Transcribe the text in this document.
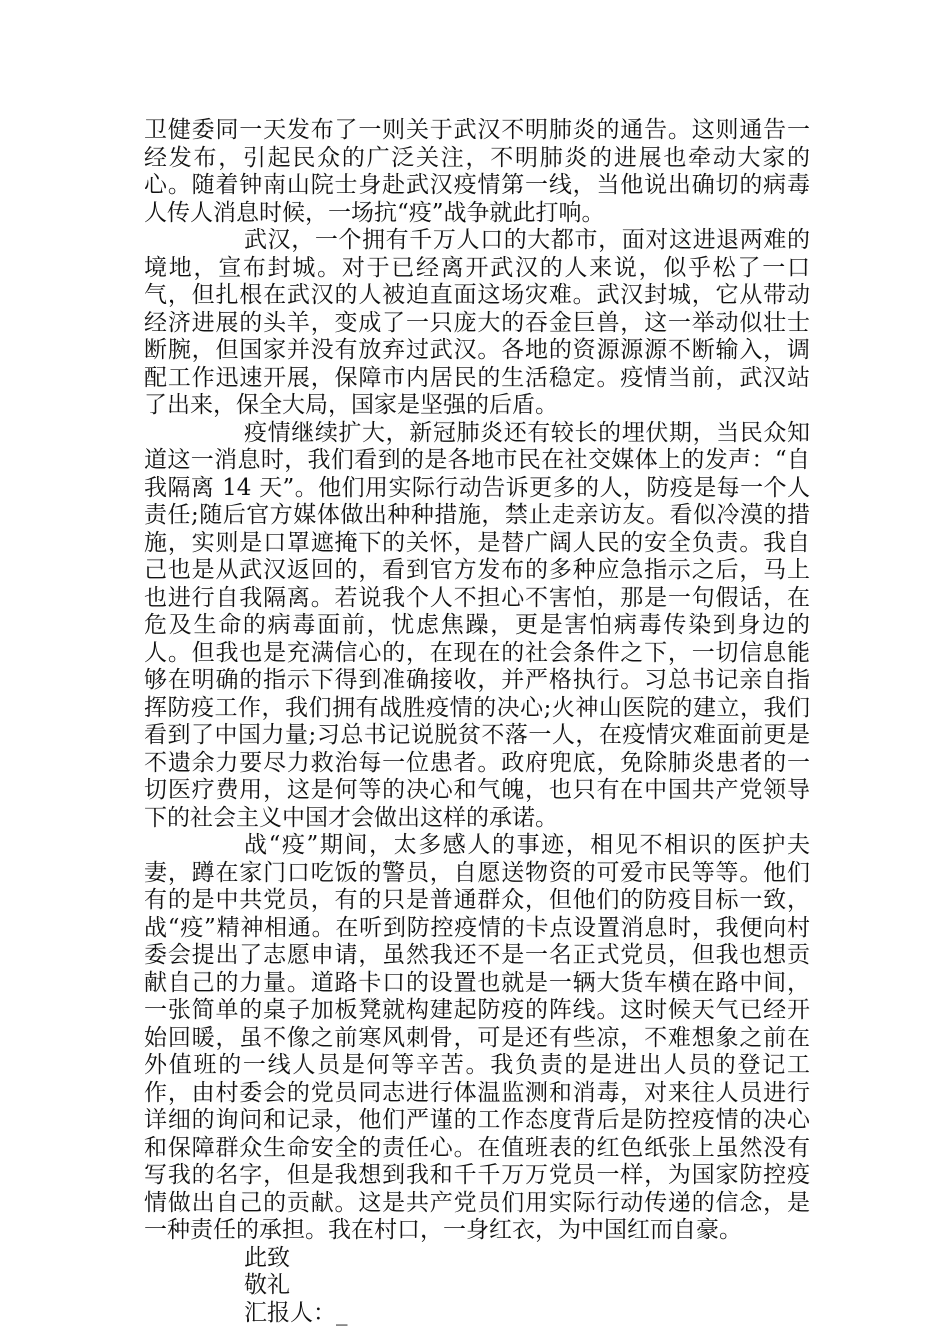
卫健委同一天发布了一则关于武汉不明肺炎的通告。这则通告一经发布，引起民众的广泛关注，不明肺炎的进展也牵动大家的心。随着钟南山院士身赴武汉疫情第一线，当他说出确切的病毒人传人消息时候，一场抗“疫”战争就此打响。

武汉，一个拥有千万人口的大都市，面对这进退两难的境地，宣布封城。对于已经离开武汉的人来说，似乎松了一口气，但扎根在武汉的人被迫直面这场灾难。武汉封城，它从带动经济进展的头羊，变成了一只庞大的吞金巨兽，这一举动似壮士断腕，但国家并没有放弃过武汉。各地的资源源源不断输入，调配工作迅速开展，保障市内居民的生活稳定。疫情当前，武汉站了出来，保全大局，国家是坚强的后盾。

疫情继续扩大，新冠肺炎还有较长的埋伏期，当民众知道这一消息时，我们看到的是各地市民在社交媒体上的发声：“自我隔离 14 天”。他们用实际行动告诉更多的人，防疫是每一个人责任;随后官方媒体做出种种措施，禁止走亲访友。看似冷漠的措施，实则是口罩遮掩下的关怀，是替广阔人民的安全负责。我自己也是从武汉返回的，看到官方发布的多种应急指示之后，马上也进行自我隔离。若说我个人不担心不害怕，那是一句假话，在危及生命的病毒面前，忧虑焦躁，更是害怕病毒传染到身边的人。但我也是充满信心的，在现在的社会条件之下，一切信息能够在明确的指示下得到准确接收，并严格执行。习总书记亲自指挥防疫工作，我们拥有战胜疫情的决心;火神山医院的建立，我们看到了中国力量;习总书记说脱贫不落一人，在疫情灾难面前更是不遗余力要尽力救治每一位患者。政府兜底，免除肺炎患者的一切医疗费用，这是何等的决心和气魄，也只有在中国共产党领导下的社会主义中国才会做出这样的承诺。

战“疫”期间，太多感人的事迹，相见不相识的医护夫妻，蹲在家门口吃饭的警员，自愿送物资的可爱市民等等。他们有的是中共党员，有的只是普通群众，但他们的防疫目标一致，战“疫”精神相通。在听到防控疫情的卡点设置消息时，我便向村委会提出了志愿申请，虽然我还不是一名正式党员，但我也想贡献自己的力量。道路卡口的设置也就是一辆大货车横在路中间，一张简单的桌子加板凳就构建起防疫的阵线。这时候天气已经开始回暖，虽不像之前寒风刺骨，可是还有些凉，不难想象之前在外值班的一线人员是何等辛苦。我负责的是进出人员的登记工作，由村委会的党员同志进行体温监测和消毒，对来往人员进行详细的询问和记录，他们严谨的工作态度背后是防控疫情的决心和保障群众生命安全的责任心。在值班表的红色纸张上虽然没有写我的名字，但是我想到我和千千万万党员一样，为国家防控疫情做出自己的贡献。这是共产党员们用实际行动传递的信念，是一种责任的承担。我在村口，一身红衣，为中国红而自豪。

此致
敬礼
汇报人：_
